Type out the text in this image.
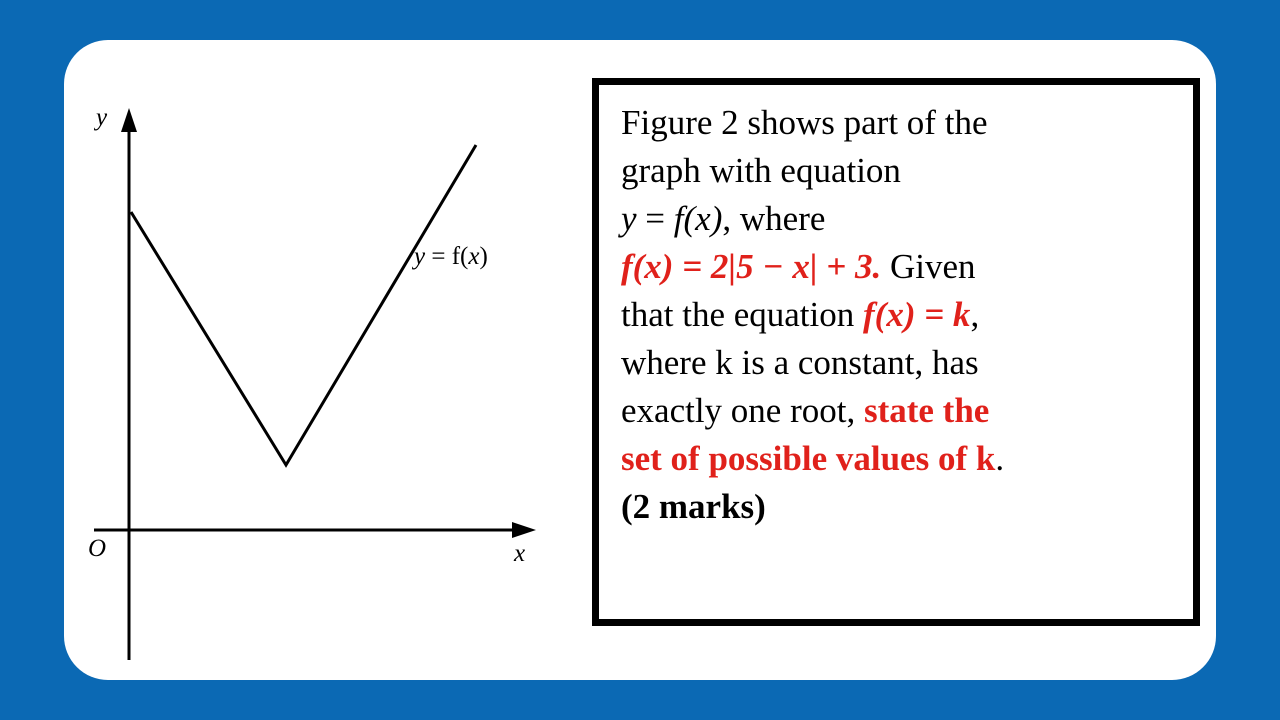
y
x
O
y = f(x)
Figure 2 shows part of the
graph with equation
y = f(x), where
f(x) = 2|5 − x| + 3. Given
that the equation f(x) = k,
where k is a constant, has
exactly one root, state the
set of possible values of k.
(2 marks)
